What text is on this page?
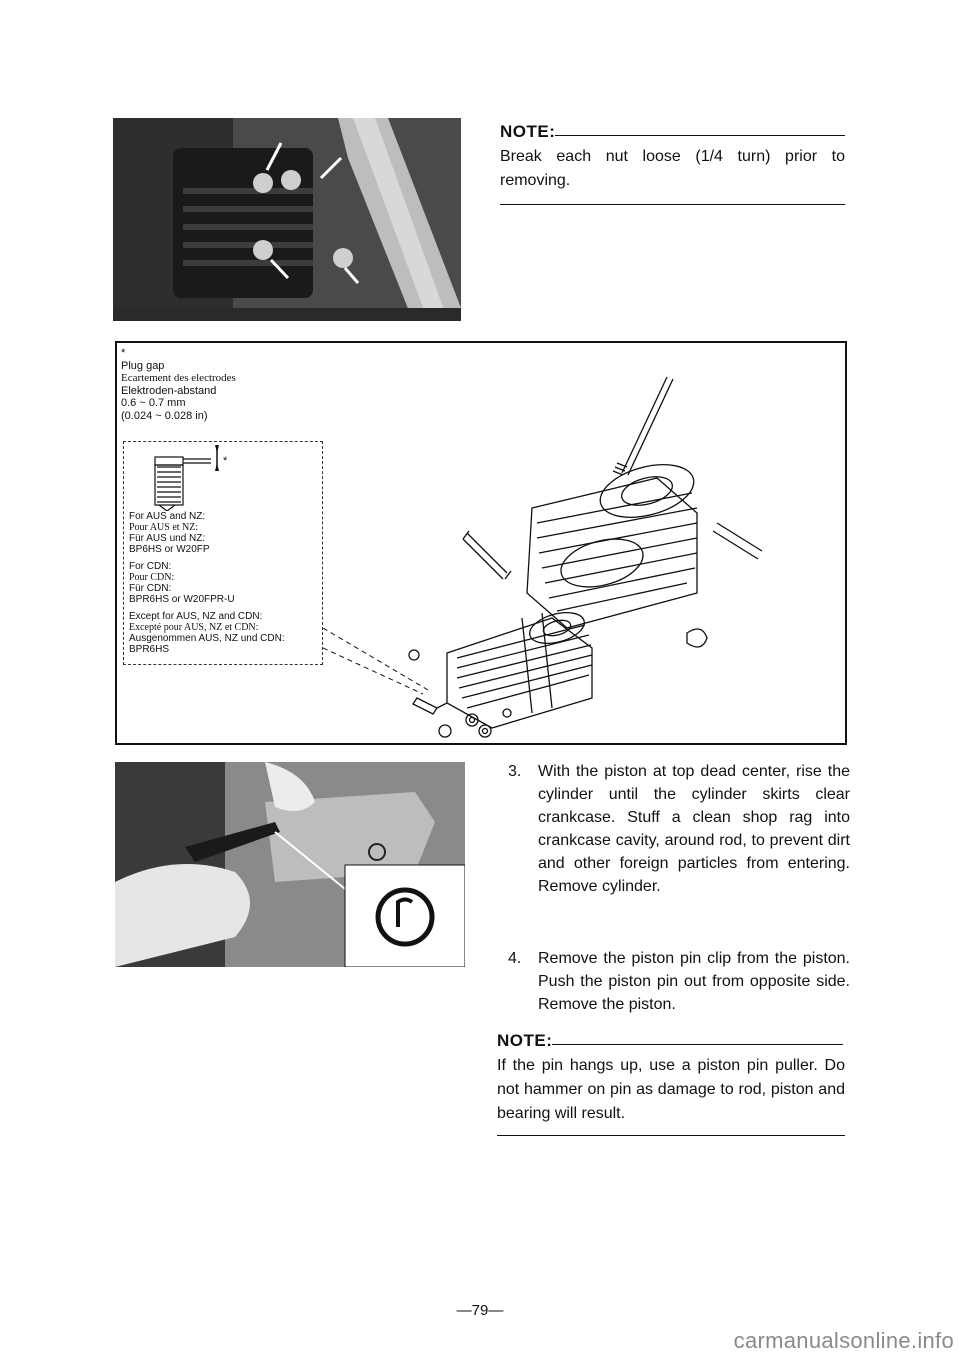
NOTE:
Break each nut loose (1/4 turn) prior to removing.
*
Plug gap
Ecartement des electrodes
Elektroden-abstand
0.6 ~ 0.7 mm
(0.024 ~ 0.028 in)
*
For AUS and NZ:
Pour AUS et NZ:
Für AUS und NZ:
BP6HS or W20FP
For CDN:
Pour CDN:
Für CDN:
BPR6HS or W20FPR-U
Except for AUS, NZ and CDN:
Excepté pour AUS, NZ et CDN:
Ausgenommen AUS, NZ und CDN:
BPR6HS
3. With the piston at top dead center, rise the cylinder until the cylinder skirts clear crankcase. Stuff a clean shop rag into crankcase cavity, around rod, to prevent dirt and other foreign particles from entering. Remove cylinder.
4. Remove the piston pin clip from the piston. Push the piston pin out from opposite side. Remove the piston.
NOTE:
If the pin hangs up, use a piston pin puller. Do not hammer on pin as damage to rod, piston and bearing will result.
—79—
carmanualsonline.info
